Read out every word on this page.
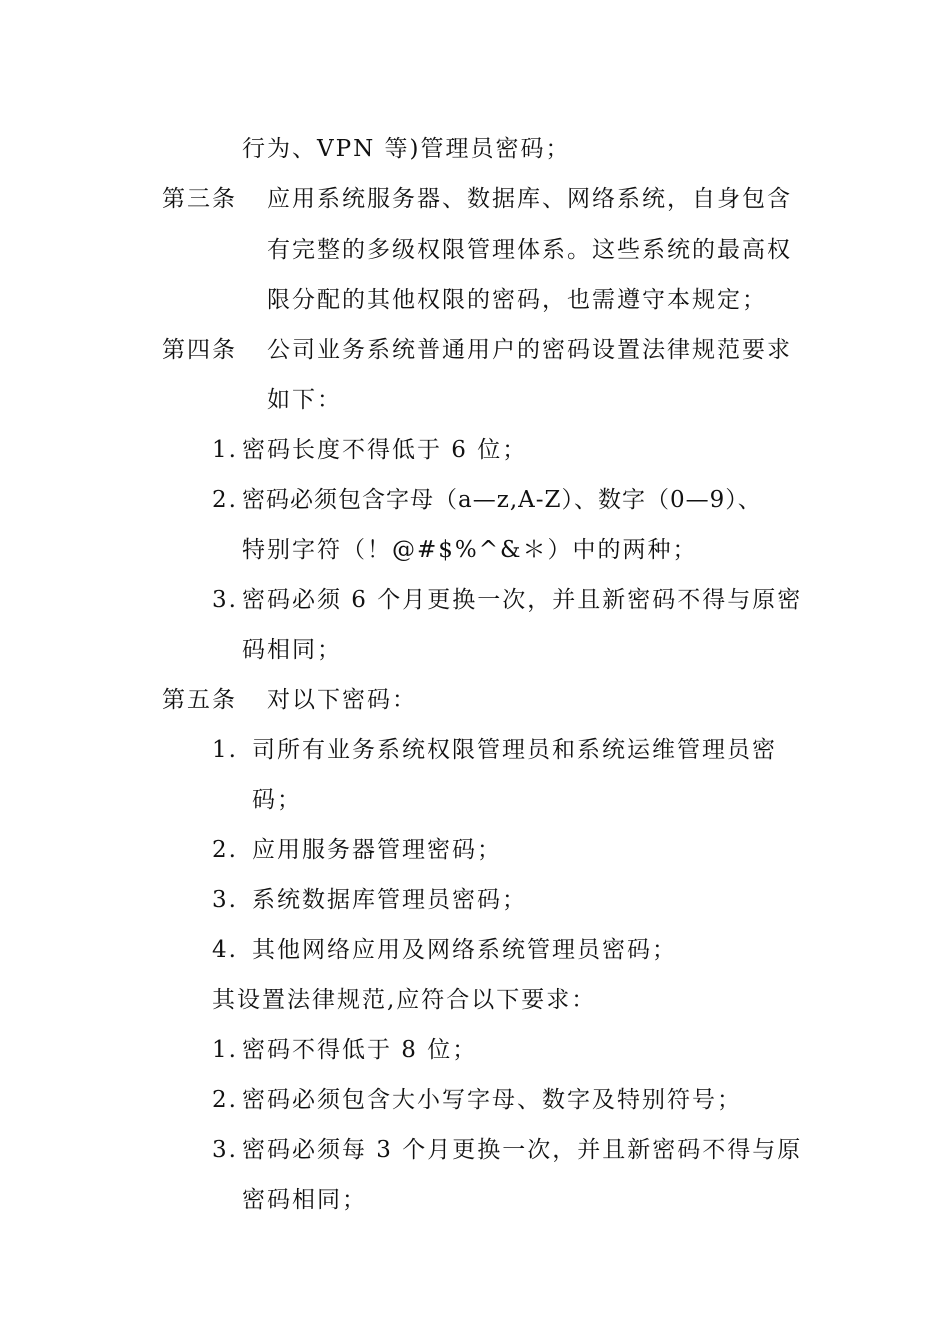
行为、VPN 等)管理员密码；
第三条 应用系统服务器、数据库、网络系统，自身包含
有完整的多级权限管理体系。这些系统的最高权
限分配的其他权限的密码，也需遵守本规定；
第四条 公司业务系统普通用户的密码设置法律规范要求
如下：
1. 密码长度不得低于 6 位；
2. 密码必须包含字母（a—z,A-Z）、数字（0—9）、
特别字符（！@#$%^&＊）中的两种；
3. 密码必须 6 个月更换一次，并且新密码不得与原密
码相同；
第五条 对以下密码：
1. 司所有业务系统权限管理员和系统运维管理员密
码；
2. 应用服务器管理密码；
3. 系统数据库管理员密码；
4. 其他网络应用及网络系统管理员密码；
其设置法律规范,应符合以下要求：
1. 密码不得低于 8 位；
2. 密码必须包含大小写字母、数字及特别符号；
3. 密码必须每 3 个月更换一次，并且新密码不得与原
密码相同；
